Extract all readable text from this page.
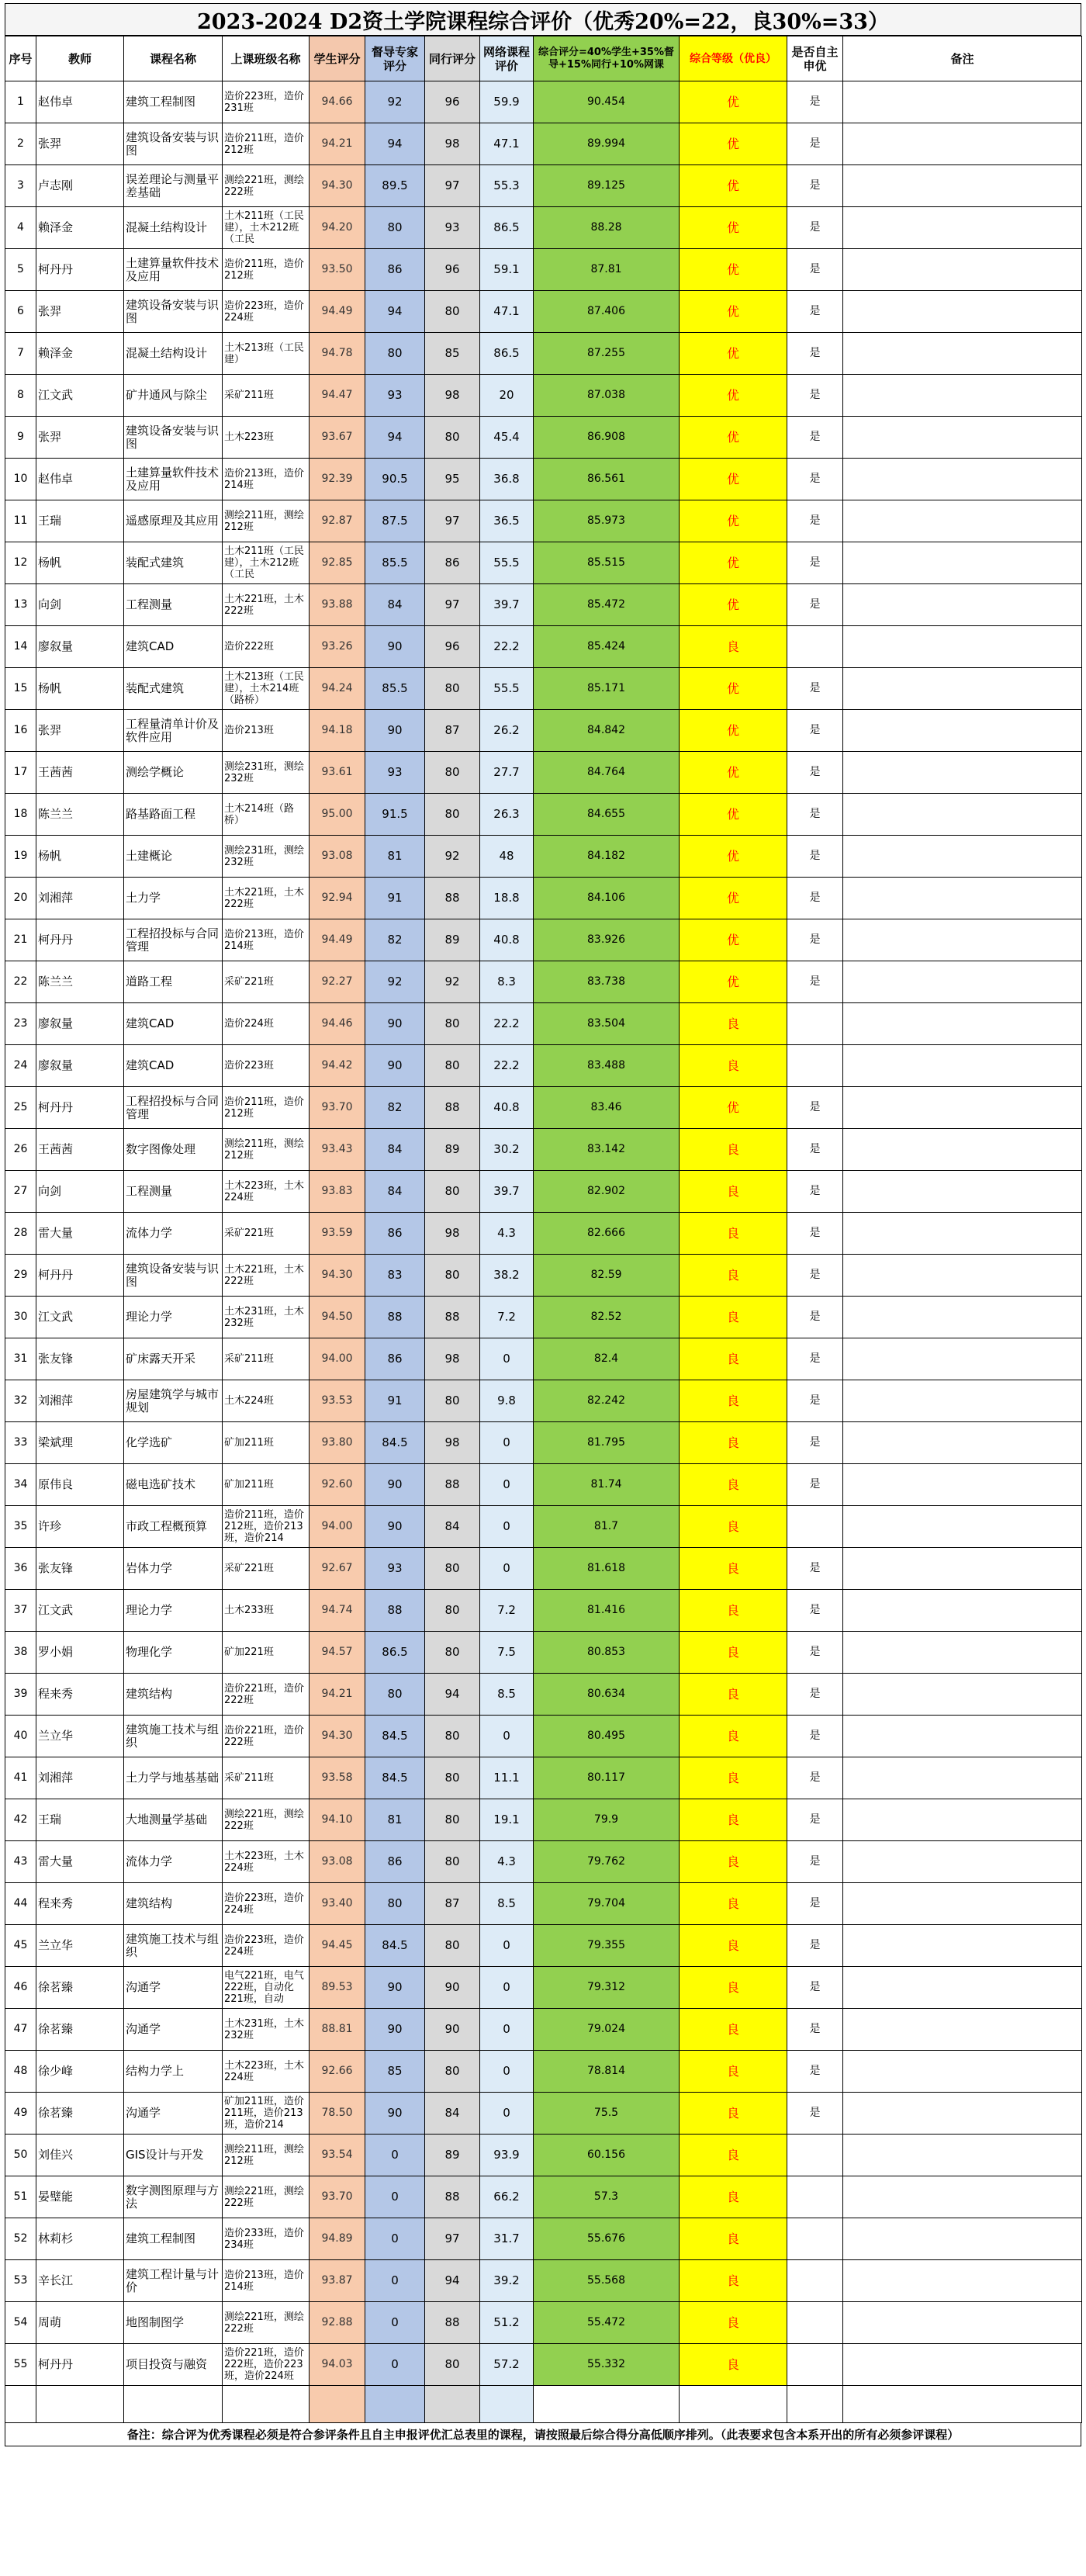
2023-2024 D2资土学院课程综合评价（优秀20%=22，良30%=33）
序号	教师	课程名称	上课班级名称	学生评分	督导专家评分	同行评分	网络课程评价	综合评分=40%学生+35%督导+15%同行+10%网课	综合等级（优良）	是否自主申优	备注
1	赵伟卓	建筑工程制图	造价223班，造价231班	94.66	92	96	59.9	90.454	优	是	
2	张羿	建筑设备安装与识图	造价211班，造价212班	94.21	94	98	47.1	89.994	优	是	
3	卢志刚	误差理论与测量平差基础	测绘221班，测绘222班	94.30	89.5	97	55.3	89.125	优	是	
4	赖泽金	混凝土结构设计	土木211班（工民建），土木212班（工民	94.20	80	93	86.5	88.28	优	是	
5	柯丹丹	土建算量软件技术及应用	造价211班，造价212班	93.50	86	96	59.1	87.81	优	是	
6	张羿	建筑设备安装与识图	造价223班，造价224班	94.49	94	80	47.1	87.406	优	是	
7	赖泽金	混凝土结构设计	土木213班（工民建）	94.78	80	85	86.5	87.255	优	是	
8	江文武	矿井通风与除尘	采矿211班	94.47	93	98	20	87.038	优	是	
9	张羿	建筑设备安装与识图	土木223班	93.67	94	80	45.4	86.908	优	是	
10	赵伟卓	土建算量软件技术及应用	造价213班，造价214班	92.39	90.5	95	36.8	86.561	优	是	
11	王瑞	遥感原理及其应用	测绘211班，测绘212班	92.87	87.5	97	36.5	85.973	优	是	
12	杨帆	装配式建筑	土木211班（工民建），土木212班（工民	92.85	85.5	86	55.5	85.515	优	是	
13	向剑	工程测量	土木221班，土木222班	93.88	84	97	39.7	85.472	优	是	
14	廖叙量	建筑CAD	造价222班	93.26	90	96	22.2	85.424	良		
15	杨帆	装配式建筑	土木213班（工民建），土木214班（路桥）	94.24	85.5	80	55.5	85.171	优	是	
16	张羿	工程量清单计价及软件应用	造价213班	94.18	90	87	26.2	84.842	优	是	
17	王茜茜	测绘学概论	测绘231班，测绘232班	93.61	93	80	27.7	84.764	优	是	
18	陈兰兰	路基路面工程	土木214班（路桥）	95.00	91.5	80	26.3	84.655	优	是	
19	杨帆	土建概论	测绘231班，测绘232班	93.08	81	92	48	84.182	优	是	
20	刘湘萍	土力学	土木221班，土木222班	92.94	91	88	18.8	84.106	优	是	
21	柯丹丹	工程招投标与合同管理	造价213班，造价214班	94.49	82	89	40.8	83.926	优	是	
22	陈兰兰	道路工程	采矿221班	92.27	92	92	8.3	83.738	优	是	
23	廖叙量	建筑CAD	造价224班	94.46	90	80	22.2	83.504	良		
24	廖叙量	建筑CAD	造价223班	94.42	90	80	22.2	83.488	良		
25	柯丹丹	工程招投标与合同管理	造价211班，造价212班	93.70	82	88	40.8	83.46	优	是	
26	王茜茜	数字图像处理	测绘211班，测绘212班	93.43	84	89	30.2	83.142	良	是	
27	向剑	工程测量	土木223班，土木224班	93.83	84	80	39.7	82.902	良	是	
28	雷大量	流体力学	采矿221班	93.59	86	98	4.3	82.666	良	是	
29	柯丹丹	建筑设备安装与识图	土木221班，土木222班	94.30	83	80	38.2	82.59	良	是	
30	江文武	理论力学	土木231班，土木232班	94.50	88	88	7.2	82.52	良	是	
31	张友锋	矿床露天开采	采矿211班	94.00	86	98	0	82.4	良	是	
32	刘湘萍	房屋建筑学与城市规划	土木224班	93.53	91	80	9.8	82.242	良	是	
33	梁斌理	化学选矿	矿加211班	93.80	84.5	98	0	81.795	良	是	
34	原伟良	磁电选矿技术	矿加211班	92.60	90	88	0	81.74	良	是	
35	许珍	市政工程概预算	造价211班，造价212班，造价213班，造价214	94.00	90	84	0	81.7	良		
36	张友锋	岩体力学	采矿221班	92.67	93	80	0	81.618	良	是	
37	江文武	理论力学	土木233班	94.74	88	80	7.2	81.416	良	是	
38	罗小娟	物理化学	矿加221班	94.57	86.5	80	7.5	80.853	良	是	
39	程来秀	建筑结构	造价221班，造价222班	94.21	80	94	8.5	80.634	良	是	
40	兰立华	建筑施工技术与组织	造价221班，造价222班	94.30	84.5	80	0	80.495	良	是	
41	刘湘萍	土力学与地基基础	采矿211班	93.58	84.5	80	11.1	80.117	良	是	
42	王瑞	大地测量学基础	测绘221班，测绘222班	94.10	81	80	19.1	79.9	良	是	
43	雷大量	流体力学	土木223班，土木224班	93.08	86	80	4.3	79.762	良	是	
44	程来秀	建筑结构	造价223班，造价224班	93.40	80	87	8.5	79.704	良	是	
45	兰立华	建筑施工技术与组织	造价223班，造价224班	94.45	84.5	80	0	79.355	良	是	
46	徐茗臻	沟通学	电气221班，电气222班，自动化221班，自动	89.53	90	90	0	79.312	良	是	
47	徐茗臻	沟通学	土木231班，土木232班	88.81	90	90	0	79.024	良	是	
48	徐少峰	结构力学上	土木223班，土木224班	92.66	85	80	0	78.814	良	是	
49	徐茗臻	沟通学	矿加211班，造价211班，造价213班，造价214	78.50	90	84	0	75.5	良	是	
50	刘佳兴	GIS设计与开发	测绘211班，测绘212班	93.54	0	89	93.9	60.156	良		
51	晏璧能	数字测图原理与方法	测绘221班，测绘222班	93.70	0	88	66.2	57.3	良		
52	林莉杉	建筑工程制图	造价233班，造价234班	94.89	0	97	31.7	55.676	良		
53	辛长江	建筑工程计量与计价	造价213班，造价214班	93.87	0	94	39.2	55.568	良		
54	周萌	地图制图学	测绘221班，测绘222班	92.88	0	88	51.2	55.472	良		
55	柯丹丹	项目投资与融资	造价221班，造价222班，造价223班，造价224班	94.03	0	80	57.2	55.332	良		

备注：综合评为优秀课程必须是符合参评条件且自主申报评优汇总表里的课程，请按照最后综合得分高低顺序排列。（此表要求包含本系开出的所有必须参评课程）
